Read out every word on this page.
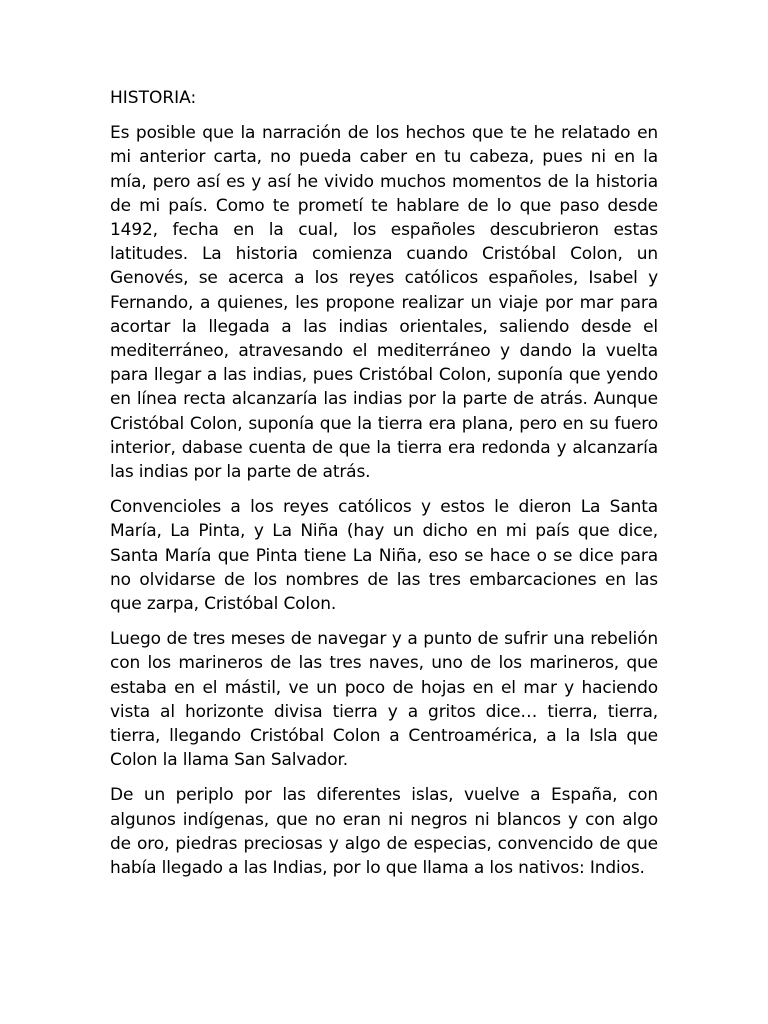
HISTORIA:

Es posible que la narración de los hechos que te he relatado en mi anterior carta, no pueda caber en tu cabeza, pues ni en la mía, pero así es y así he vivido muchos momentos de la historia de mi país. Como te prometí te hablare de lo que paso desde 1492, fecha en la cual, los españoles descubrieron estas latitudes. La historia comienza cuando Cristóbal Colon, un Genovés, se acerca a los reyes católicos españoles, Isabel y Fernando, a quienes, les propone realizar un viaje por mar para acortar la llegada a las indias orientales, saliendo desde el mediterráneo, atravesando el mediterráneo y dando la vuelta para llegar a las indias, pues Cristóbal Colon, suponía que yendo en línea recta alcanzaría las indias por la parte de atrás. Aunque Cristóbal Colon, suponía que la tierra era plana, pero en su fuero interior, dabase cuenta de que la tierra era redonda y alcanzaría las indias por la parte de atrás.

Convencioles a los reyes católicos y estos le dieron La Santa María, La Pinta, y La Niña (hay un dicho en mi país que dice, Santa María que Pinta tiene La Niña, eso se hace o se dice para no olvidarse de los nombres de las tres embarcaciones en las que zarpa, Cristóbal Colon.

Luego de tres meses de navegar y a punto de sufrir una rebelión con los marineros de las tres naves, uno de los marineros, que estaba en el mástil, ve un poco de hojas en el mar y haciendo vista al horizonte divisa tierra y a gritos dice… tierra, tierra, tierra, llegando Cristóbal Colon a Centroamérica, a la Isla que Colon la llama San Salvador.

De un periplo por las diferentes islas, vuelve a España, con algunos indígenas, que no eran ni negros ni blancos y con algo de oro, piedras preciosas y algo de especias, convencido de que había llegado a las Indias, por lo que llama a los nativos: Indios.
